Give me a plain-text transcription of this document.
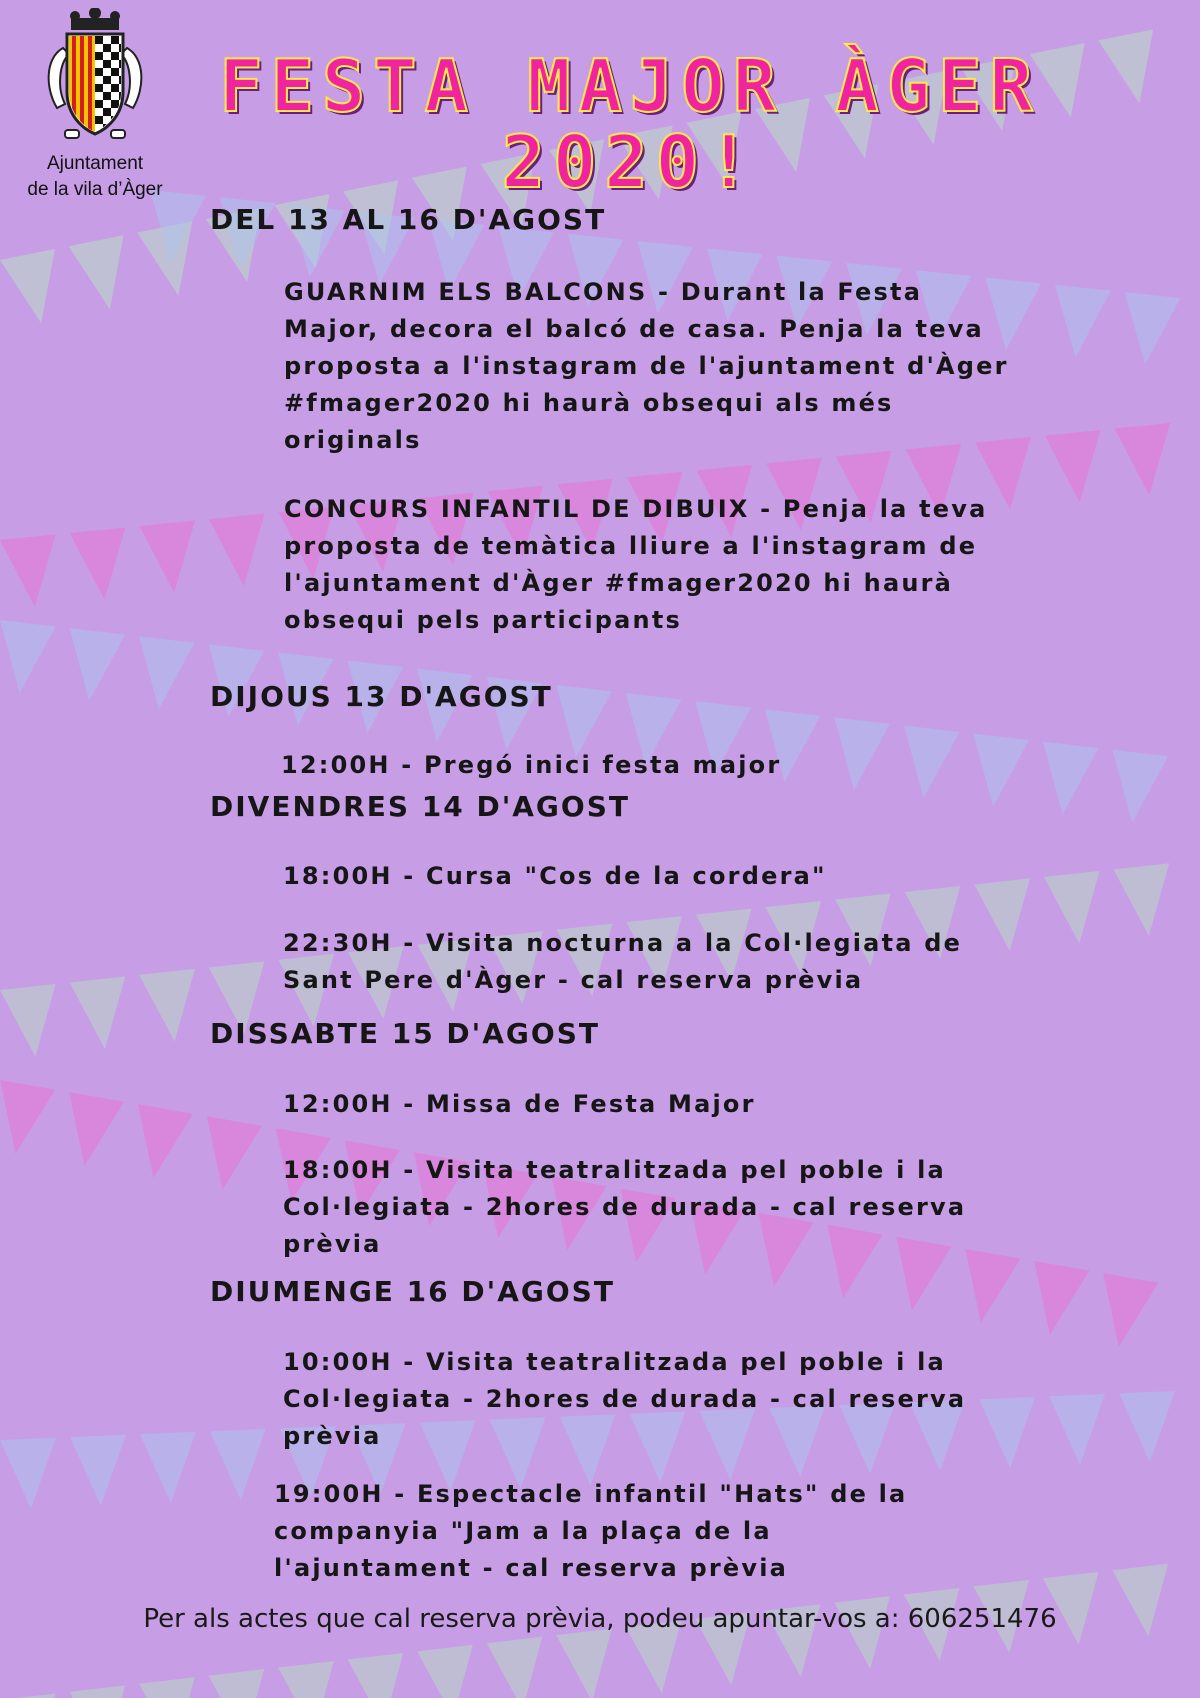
Ajuntament
de la vila d’Àger
FESTA MAJOR ÀGER
2020!
DEL 13 AL 16 D'AGOST

GUARNIM ELS BALCONS - Durant la Festa Major, decora el balcó de casa. Penja la teva proposta a l'instagram de l'ajuntament d'Àger #fmager2020 hi haurà obsequi als més originals

CONCURS INFANTIL DE DIBUIX - Penja la teva proposta de temàtica lliure a l'instagram de l'ajuntament d'Àger #fmager2020 hi haurà obsequi pels participants

DIJOUS 13 D'AGOST

12:00H - Pregó inici festa major

DIVENDRES 14 D'AGOST

18:00H - Cursa "Cos de la cordera"

22:30H - Visita nocturna a la Col·legiata de Sant Pere d'Àger - cal reserva prèvia

DISSABTE 15 D'AGOST

12:00H - Missa de Festa Major

18:00H - Visita teatralitzada pel poble i la Col·legiata - 2hores de durada - cal reserva prèvia

DIUMENGE 16 D'AGOST

10:00H - Visita teatralitzada pel poble i la Col·legiata - 2hores de durada - cal reserva prèvia

19:00H - Espectacle infantil "Hats" de la companyia "Jam a la plaça de la l'ajuntament - cal reserva prèvia

Per als actes que cal reserva prèvia, podeu apuntar-vos a: 606251476
